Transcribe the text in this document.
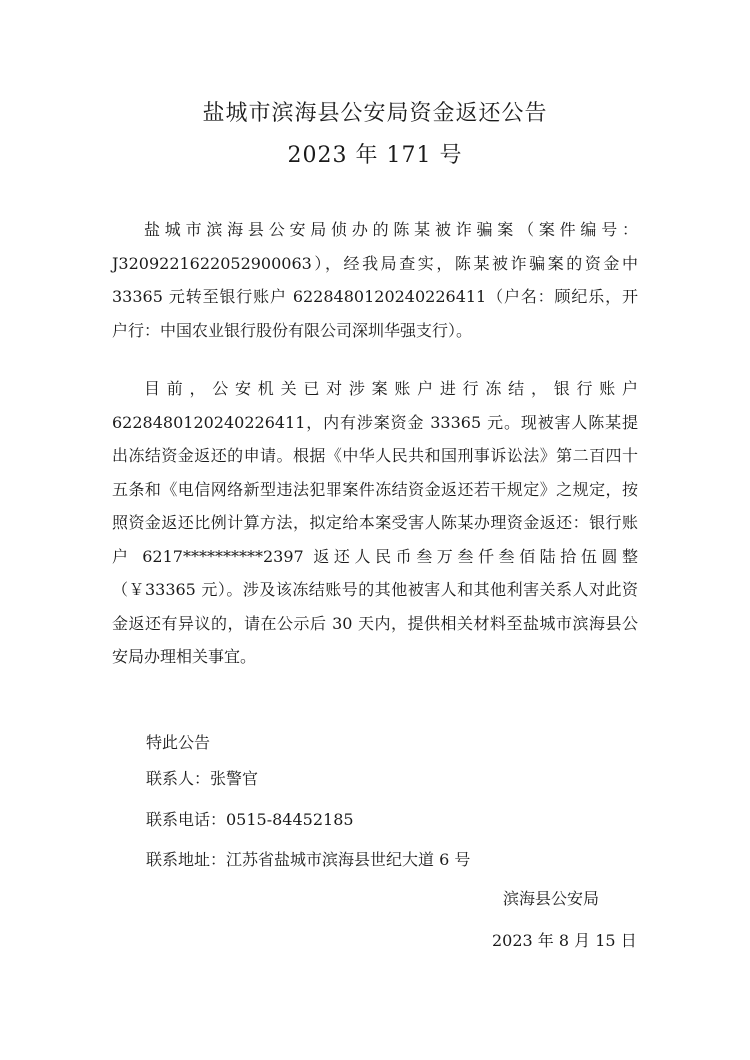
盐城市滨海县公安局资金返还公告
2023 年 171 号

盐城市滨海县公安局侦办的陈某被诈骗案（案件编号：J3209221622052900063），经我局查实，陈某被诈骗案的资金中 33365 元转至银行账户 6228480120240226411（户名：顾纪乐，开户行：中国农业银行股份有限公司深圳华强支行）。

目前，公安机关已对涉案账户进行冻结，银行账户6228480120240226411，内有涉案资金 33365 元。现被害人陈某提出冻结资金返还的申请。根据《中华人民共和国刑事诉讼法》第二百四十五条和《电信网络新型违法犯罪案件冻结资金返还若干规定》之规定，按照资金返还比例计算方法，拟定给本案受害人陈某办理资金返还：银行账户 6217**********2397 返还人民币叁万叁仟叁佰陆拾伍圆整（￥33365 元）。涉及该冻结账号的其他被害人和其他利害关系人对此资金返还有异议的，请在公示后 30 天内，提供相关材料至盐城市滨海县公安局办理相关事宜。

特此公告
联系人：张警官
联系电话：0515-84452185
联系地址：江苏省盐城市滨海县世纪大道 6 号
滨海县公安局
2023 年 8 月 15 日
